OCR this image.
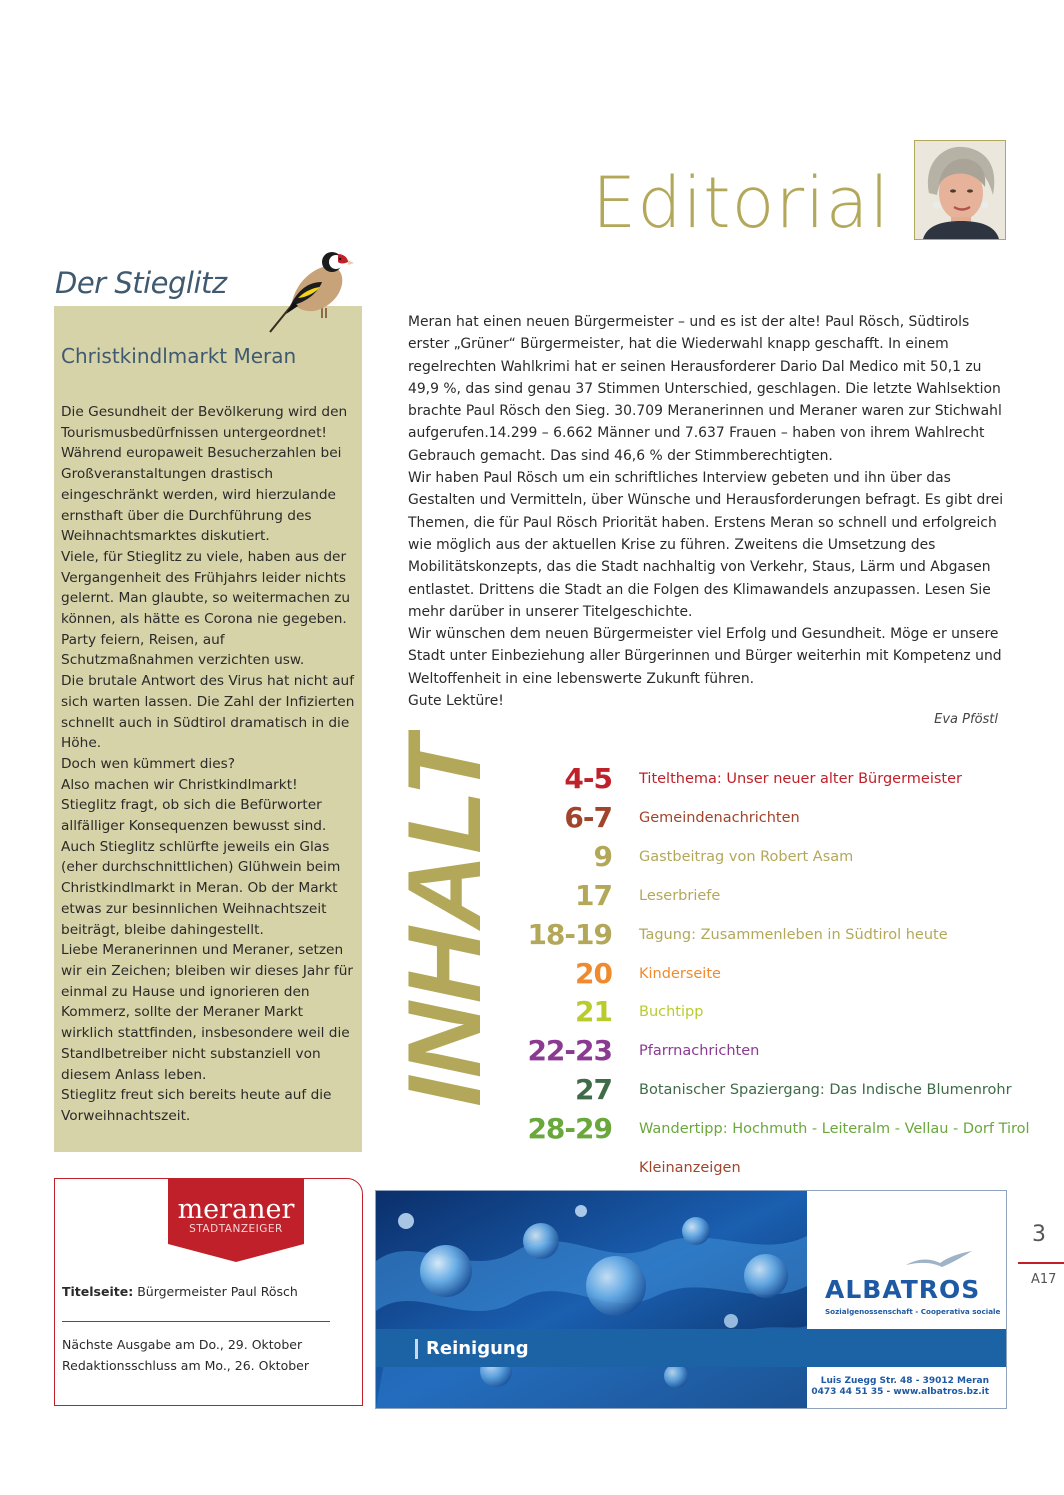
Editorial
Der Stieglitz
Christkindlmarkt Meran
Die Gesundheit der Bevölkerung wird den Tourismusbedürfnissen untergeordnet! Während europaweit Besucherzahlen bei Großveranstaltungen drastisch eingeschränkt werden, wird hierzulande ernsthaft über die Durchführung des Weihnachtsmarktes diskutiert.
Viele, für Stieglitz zu viele, haben aus der Vergangenheit des Frühjahrs leider nichts gelernt. Man glaubte, so weitermachen zu können, als hätte es Corona nie gegeben. Party feiern, Reisen, auf Schutzmaßnahmen verzichten usw.
Die brutale Antwort des Virus hat nicht auf sich warten lassen. Die Zahl der Infizierten schnellt auch in Südtirol dramatisch in die Höhe.
Doch wen kümmert dies?
Also machen wir Christkindlmarkt! Stieglitz fragt, ob sich die Befürworter allfälliger Konsequenzen bewusst sind.
Auch Stieglitz schlürfte jeweils ein Glas (eher durchschnittlichen) Glühwein beim Christkindlmarkt in Meran. Ob der Markt etwas zur besinnlichen Weihnachtszeit beiträgt, bleibe dahingestellt.
Liebe Meranerinnen und Meraner, setzen wir ein Zeichen; bleiben wir dieses Jahr für einmal zu Hause und ignorieren den Kommerz, sollte der Meraner Markt wirklich stattfinden, insbesondere weil die Standlbetreiber nicht substanziell von diesem Anlass leben.
Stieglitz freut sich bereits heute auf die Vorweihnachtszeit.
Meran hat einen neuen Bürgermeister – und es ist der alte! Paul Rösch, Südtirols erster „Grüner“ Bürgermeister, hat die Wiederwahl knapp geschafft. In einem regelrechten Wahlkrimi hat er seinen Herausforderer Dario Dal Medico mit 50,1 zu 49,9 %, das sind genau 37 Stimmen Unterschied, geschlagen. Die letzte Wahlsektion brachte Paul Rösch den Sieg. 30.709 Meranerinnen und Meraner waren zur Stichwahl aufgerufen.14.299 – 6.662 Männer und 7.637 Frauen – haben von ihrem Wahlrecht Gebrauch gemacht. Das sind 46,6 % der Stimmberechtigten.
Wir haben Paul Rösch um ein schriftliches Interview gebeten und ihn über das Gestalten und Vermitteln, über Wünsche und Herausforderungen befragt. Es gibt drei Themen, die für Paul Rösch Priorität haben. Erstens Meran so schnell und erfolgreich wie möglich aus der aktuellen Krise zu führen. Zweitens die Umsetzung des Mobilitätskonzepts, das die Stadt nachhaltig von Verkehr, Staus, Lärm und Abgasen entlastet. Drittens die Stadt an die Folgen des Klimawandels anzupassen. Lesen Sie mehr darüber in unserer Titelgeschichte.
Wir wünschen dem neuen Bürgermeister viel Erfolg und Gesundheit. Möge er unsere Stadt unter Einbeziehung aller Bürgerinnen und Bürger weiterhin mit Kompetenz und Weltoffenheit in eine lebenswerte Zukunft führen.
Gute Lektüre!
Eva Pföstl
INHALT	4-5 Titelthema: Unser neuer alter Bürgermeister
6-7 Gemeindenachrichten
9 Gastbeitrag von Robert Asam
17 Leserbriefe
18-19 Tagung: Zusammenleben in Südtirol heute
20 Kinderseite
21 Buchtipp
22-23 Pfarrnachrichten
27 Botanischer Spaziergang: Das Indische Blumenrohr
28-29 Wandertipp: Hochmuth - Leiteralm - Vellau - Dorf Tirol
Kleinanzeigen
meraner
STADTANZEIGER
Titelseite: Bürgermeister Paul Rösch
Nächste Ausgabe am Do., 29. Oktober
Redaktionsschluss am Mo., 26. Oktober
ALBATROS
Sozialgenossenschaft - Cooperativa sociale
Reinigung
Luis Zuegg Str. 48 - 39012 Meran
0473 44 51 35 - www.albatros.bz.it
3
A17
